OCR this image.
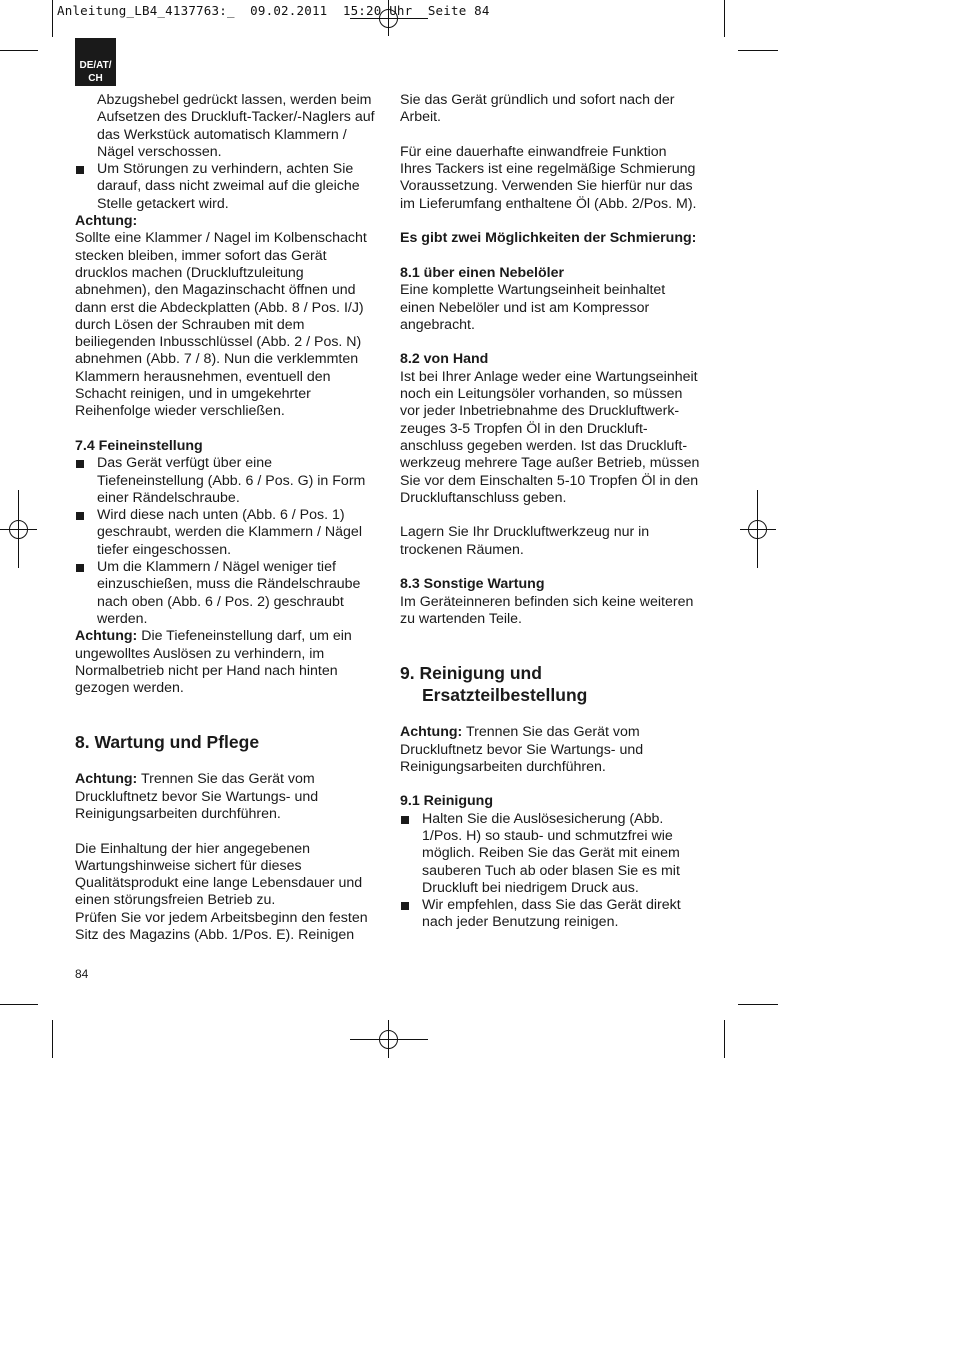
Anleitung_LB4_4137763:_  09.02.2011  15:20 Uhr  Seite 84
DE/AT/
CH

Abzugshebel gedrückt lassen, werden beim Aufsetzen des Druckluft-Tacker/-Naglers auf das Werkstück automatisch Klammern / Nägel verschossen.

Um Störungen zu verhindern, achten Sie darauf, dass nicht zweimal auf die gleiche Stelle getackert wird.

Achtung:

Sollte eine Klammer / Nagel im Kolbenschacht stecken bleiben, immer sofort das Gerät drucklos machen (Druckluftzuleitung abnehmen), den Magazinschacht öffnen und dann erst die Abdeckplatten (Abb. 8 / Pos. I/J) durch Lösen der Schrauben mit dem beiliegenden Inbusschlüssel (Abb. 2 / Pos. N) abnehmen (Abb. 7 / 8). Nun die verklemmten Klammern herausnehmen, eventuell den Schacht reinigen, und in umgekehrter Reihenfolge wieder verschließen.

7.4 Feineinstellung

Das Gerät verfügt über eine Tiefeneinstellung (Abb. 6 / Pos. G) in Form einer Rändelschraube.

Wird diese nach unten (Abb. 6 / Pos. 1) geschraubt, werden die Klammern / Nägel tiefer eingeschossen.

Um die Klammern / Nägel weniger tief einzuschießen, muss die Rändelschraube nach oben (Abb. 6 / Pos. 2) geschraubt werden.

Achtung: Die Tiefeneinstellung darf, um ein ungewolltes Auslösen zu verhindern, im Normalbetrieb nicht per Hand nach hinten gezogen werden.

8. Wartung und Pflege

Achtung: Trennen Sie das Gerät vom Druckluftnetz bevor Sie Wartungs- und Reinigungsarbeiten durchführen.

Die Einhaltung der hier angegebenen Wartungshinweise sichert für dieses Qualitätsprodukt eine lange Lebensdauer und einen störungsfreien Betrieb zu.

Prüfen Sie vor jedem Arbeitsbeginn den festen Sitz des Magazins (Abb. 1/Pos. E). Reinigen

Sie das Gerät gründlich und sofort nach der Arbeit.

Für eine dauerhafte einwandfreie Funktion Ihres Tackers ist eine regelmäßige Schmierung Voraussetzung. Verwenden Sie hierfür nur das im Lieferumfang enthaltene Öl (Abb. 2/Pos. M).

Es gibt zwei Möglichkeiten der Schmierung:

8.1 über einen Nebelöler

Eine komplette Wartungseinheit beinhaltet einen Nebelöler und ist am Kompressor angebracht.

8.2 von Hand

Ist bei Ihrer Anlage weder eine Wartungseinheit noch ein Leitungsöler vorhanden, so müssen vor jeder Inbetriebnahme des Druckluftwerk-zeuges 3-5 Tropfen Öl in den Druckluft-anschluss gegeben werden. Ist das Druckluft-werkzeug mehrere Tage außer Betrieb, müssen Sie vor dem Einschalten 5-10 Tropfen Öl in den Druckluftanschluss geben.

Lagern Sie Ihr Druckluftwerkzeug nur in trockenen Räumen.

8.3 Sonstige Wartung

Im Geräteinneren befinden sich keine weiteren zu wartenden Teile.

9. Reinigung und
Ersatzteilbestellung

Achtung: Trennen Sie das Gerät vom Druckluftnetz bevor Sie Wartungs- und Reinigungsarbeiten durchführen.

9.1 Reinigung

Halten Sie die Auslösesicherung (Abb. 1/Pos. H) so staub- und schmutzfrei wie möglich. Reiben Sie das Gerät mit einem sauberen Tuch ab oder blasen Sie es mit Druckluft bei niedrigem Druck aus.

Wir empfehlen, dass Sie das Gerät direkt nach jeder Benutzung reinigen.

84
